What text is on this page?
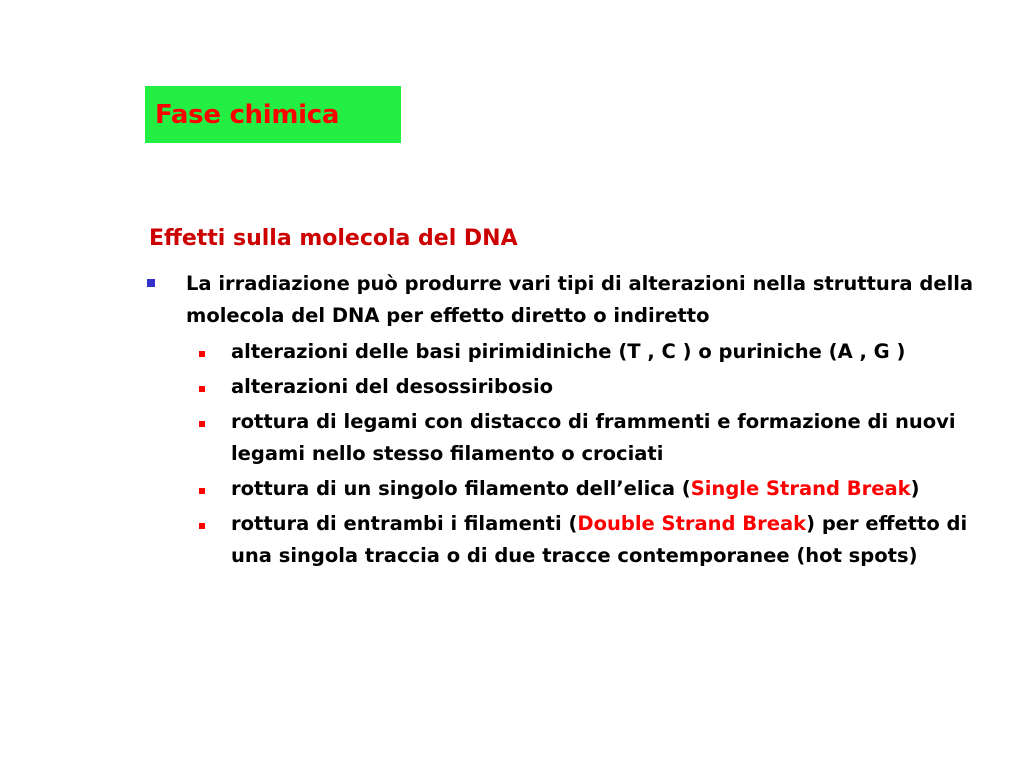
Fase chimica
Effetti sulla molecola del DNA
La irradiazione può produrre vari tipi di alterazioni nella struttura della molecola del DNA per effetto diretto o indiretto
alterazioni delle basi pirimidiniche (T , C ) o puriniche (A , G )
alterazioni del desossiribosio
rottura di legami con distacco di frammenti e formazione di nuovi legami nello stesso filamento o crociati
rottura di un singolo filamento dell’elica (Single Strand Break)
rottura di entrambi i filamenti (Double Strand Break) per effetto di una singola traccia o di due tracce contemporanee (hot spots)
